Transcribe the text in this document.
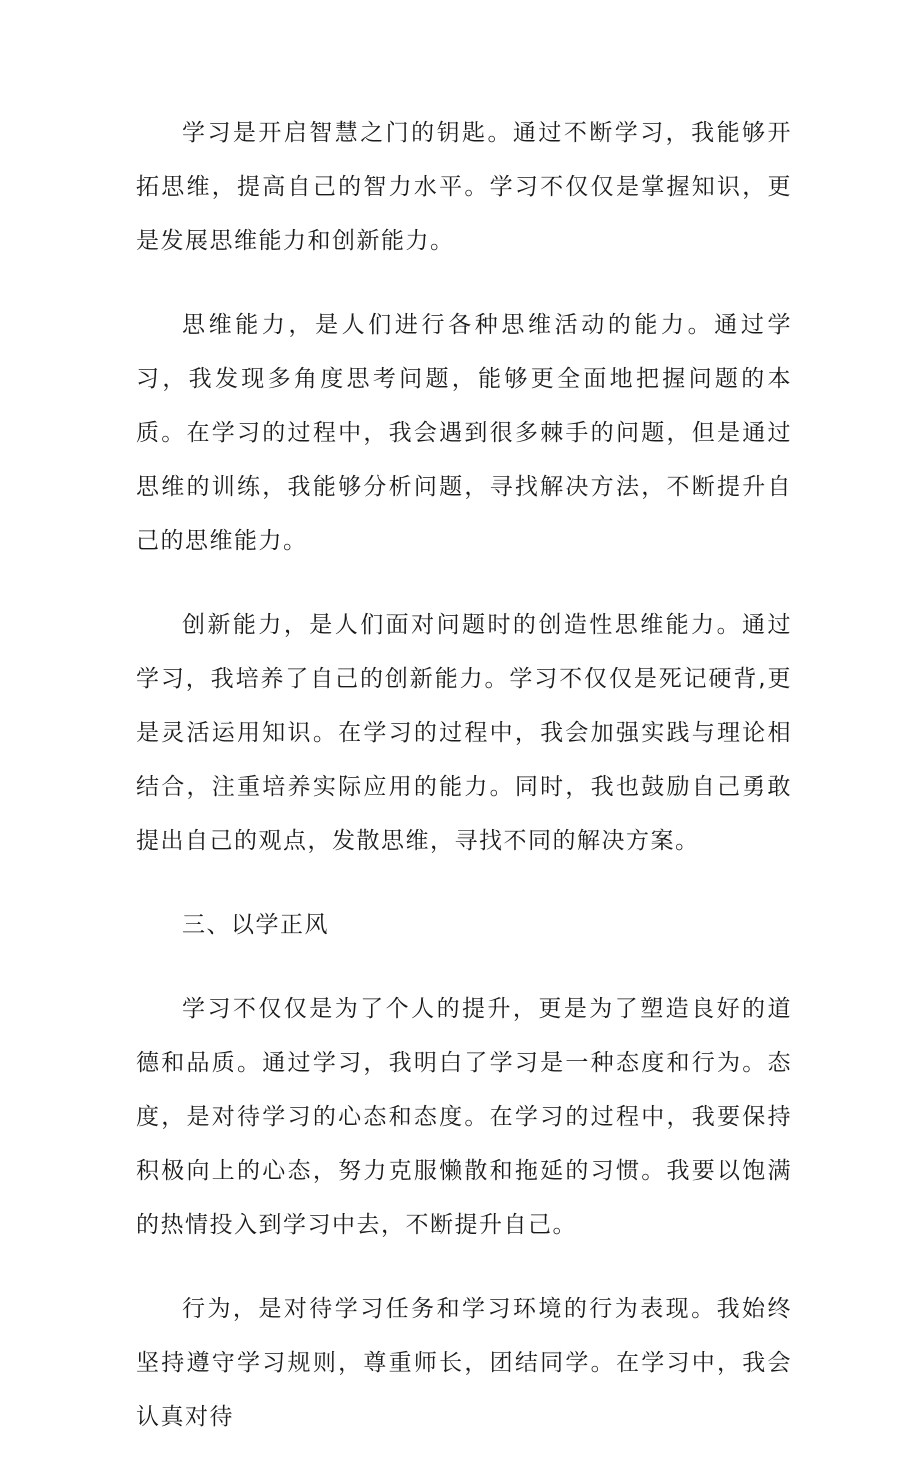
学习是开启智慧之门的钥匙。通过不断学习，我能够开拓思维，提高自己的智力水平。学习不仅仅是掌握知识，更是发展思维能力和创新能力。

思维能力，是人们进行各种思维活动的能力。通过学习，我发现多角度思考问题，能够更全面地把握问题的本质。在学习的过程中，我会遇到很多棘手的问题，但是通过思维的训练，我能够分析问题，寻找解决方法，不断提升自己的思维能力。

创新能力，是人们面对问题时的创造性思维能力。通过学习，我培养了自己的创新能力。学习不仅仅是死记硬背,更是灵活运用知识。在学习的过程中，我会加强实践与理论相结合，注重培养实际应用的能力。同时，我也鼓励自己勇敢提出自己的观点，发散思维，寻找不同的解决方案。

三、以学正风

学习不仅仅是为了个人的提升，更是为了塑造良好的道德和品质。通过学习，我明白了学习是一种态度和行为。态度，是对待学习的心态和态度。在学习的过程中，我要保持积极向上的心态，努力克服懒散和拖延的习惯。我要以饱满的热情投入到学习中去，不断提升自己。

行为，是对待学习任务和学习环境的行为表现。我始终坚持遵守学习规则，尊重师长，团结同学。在学习中，我会认真对待
